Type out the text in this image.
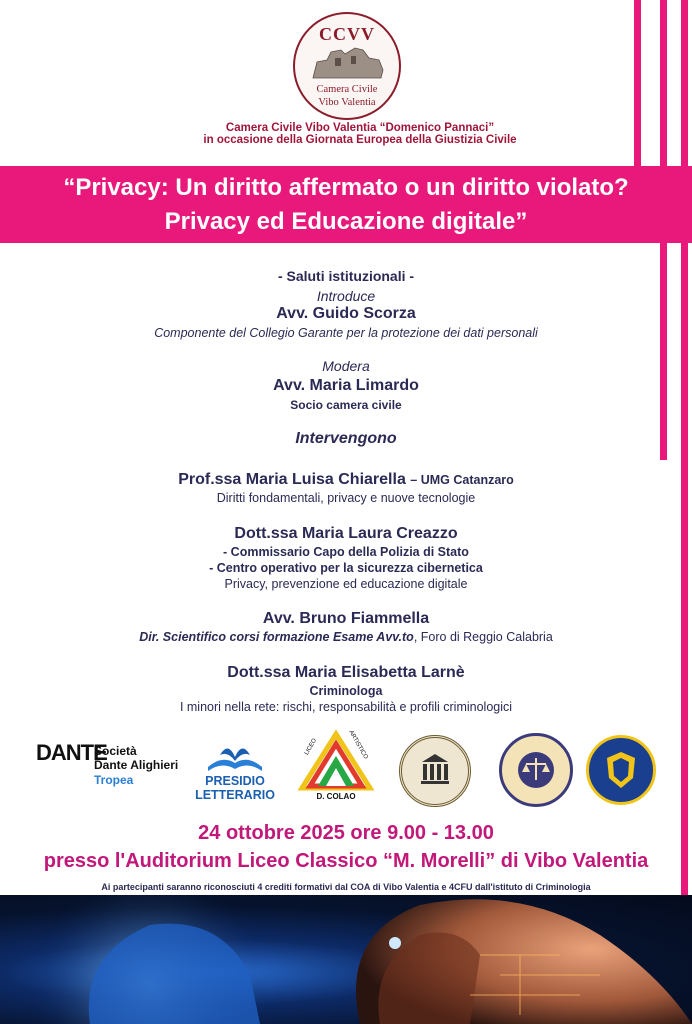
CCVV
Camera Civile
Vibo Valentia
Camera Civile Vibo Valentia “Domenico Pannaci”
in occasione della Giornata Europea della Giustizia Civile
“Privacy: Un diritto affermato o un diritto violato?
Privacy ed Educazione digitale”
- Saluti istituzionali -
Introduce
Avv. Guido Scorza
Componente del Collegio Garante per la protezione dei dati personali
Modera
Avv. Maria Limardo
Socio camera civile
Intervengono
Prof.ssa Maria Luisa Chiarella – UMG Catanzaro
Diritti fondamentali, privacy e nuove tecnologie
Dott.ssa Maria Laura Creazzo
- Commissario Capo della Polizia di Stato
- Centro operativo per la sicurezza cibernetica
Privacy, prevenzione ed educazione digitale
Avv. Bruno Fiammella
Dir. Scientifico corsi formazione Esame Avv.to, Foro di Reggio Calabria
Dott.ssa Maria Elisabetta Larnè
Criminologa
I minori nella rete: rischi, responsabilità e profili criminologici
DANTE
Società
Dante Alighieri
Tropea	PRESIDIO
LETTERARIO
LICEO	ARTISTICO
D. COLAO
24 ottobre 2025 ore 9.00 - 13.00
presso l'Auditorium Liceo Classico “M. Morelli” di Vibo Valentia
Ai partecipanti saranno riconosciuti 4 crediti formativi dal COA di Vibo Valentia e 4CFU dall'istituto di Criminologia
